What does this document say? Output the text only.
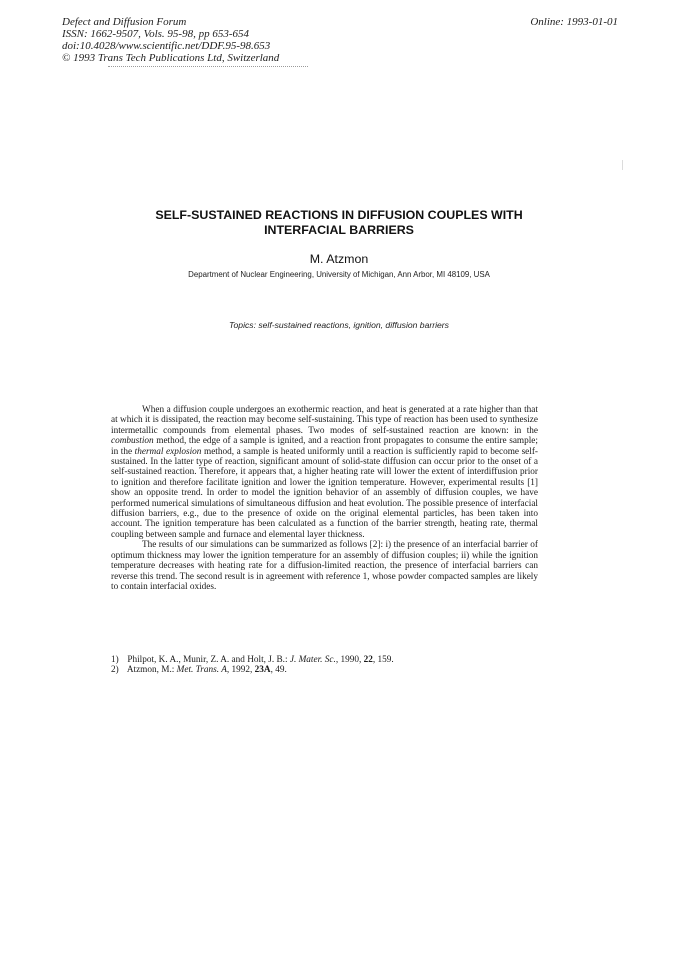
Defect and Diffusion Forum
ISSN: 1662-9507, Vols. 95-98, pp 653-654
doi:10.4028/www.scientific.net/DDF.95-98.653
© 1993 Trans Tech Publications Ltd, Switzerland
Online: 1993-01-01
SELF-SUSTAINED REACTIONS IN DIFFUSION COUPLES WITH
INTERFACIAL BARRIERS
M. Atzmon
Department of Nuclear Engineering, University of Michigan, Ann Arbor, MI 48109, USA
Topics: self-sustained reactions, ignition, diffusion barriers

When a diffusion couple undergoes an exothermic reaction, and heat is generated at a rate higher than that at which it is dissipated, the reaction may become self-sustaining. This type of reaction has been used to synthesize intermetallic compounds from elemental phases. Two modes of self-sustained reaction are known: in the combustion method, the edge of a sample is ignited, and a reaction front propagates to consume the entire sample; in the thermal explosion method, a sample is heated uniformly until a reaction is sufficiently rapid to become self-sustained. In the latter type of reaction, significant amount of solid-state diffusion can occur prior to the onset of a self-sustained reaction. Therefore, it appears that, a higher heating rate will lower the extent of interdiffusion prior to ignition and therefore facilitate ignition and lower the ignition temperature. However, experimental results [1] show an opposite trend. In order to model the ignition behavior of an assembly of diffusion couples, we have performed numerical simulations of simultaneous diffusion and heat evolution. The possible presence of interfacial diffusion barriers, e.g., due to the presence of oxide on the original elemental particles, has been taken into account. The ignition temperature has been calculated as a function of the barrier strength, heating rate, thermal coupling between sample and furnace and elemental layer thickness.

The results of our simulations can be summarized as follows [2]: i) the presence of an interfacial barrier of optimum thickness may lower the ignition temperature for an assembly of diffusion couples; ii) while the ignition temperature decreases with heating rate for a diffusion-limited reaction, the presence of interfacial barriers can reverse this trend. The second result is in agreement with reference 1, whose powder compacted samples are likely to contain interfacial oxides.

1) Philpot, K. A., Munir, Z. A. and Holt, J. B.: J. Mater. Sc., 1990, 22, 159.
2) Atzmon, M.: Met. Trans. A, 1992, 23A, 49.
